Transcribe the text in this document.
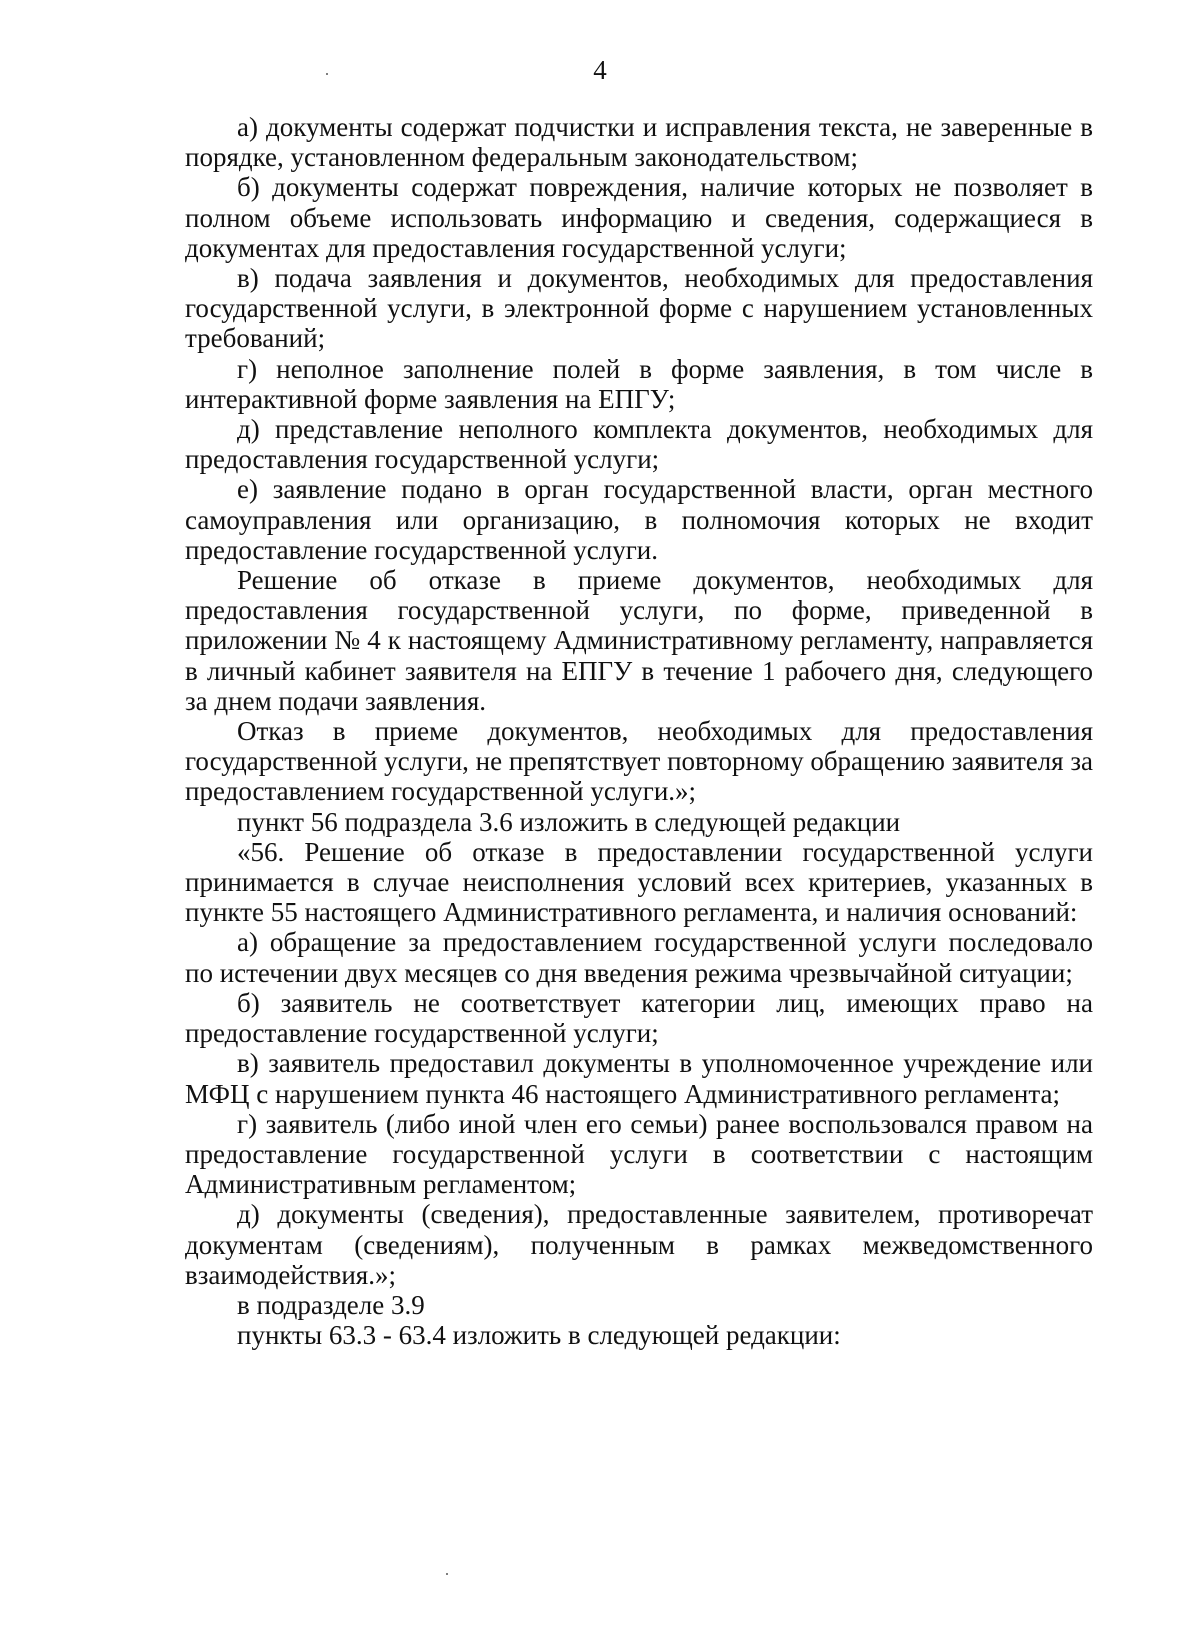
4

а) документы содержат подчистки и исправления текста, не заверенные в порядке, установленном федеральным законодательством;

б) документы содержат повреждения, наличие которых не позволяет в полном объеме использовать информацию и сведения, содержащиеся в документах для предоставления государственной услуги;

в) подача заявления и документов, необходимых для предоставления государственной услуги, в электронной форме с нарушением установленных требований;

г) неполное заполнение полей в форме заявления, в том числе в интерактивной форме заявления на ЕПГУ;

д) представление неполного комплекта документов, необходимых для предоставления государственной услуги;

е) заявление подано в орган государственной власти, орган местного самоуправления или организацию, в полномочия которых не входит предоставление государственной услуги.

Решение об отказе в приеме документов, необходимых для предоставления государственной услуги, по форме, приведенной в приложении № 4 к настоящему Административному регламенту, направляется в личный кабинет заявителя на ЕПГУ в течение 1 рабочего дня, следующего за днем подачи заявления.

Отказ в приеме документов, необходимых для предоставления государственной услуги, не препятствует повторному обращению заявителя за предоставлением государственной услуги.»;

пункт 56 подраздела 3.6 изложить в следующей редакции

«56. Решение об отказе в предоставлении государственной услуги принимается в случае неисполнения условий всех критериев, указанных в пункте 55 настоящего Административного регламента, и наличия оснований:

а) обращение за предоставлением государственной услуги последовало по истечении двух месяцев со дня введения режима чрезвычайной ситуации;

б) заявитель не соответствует категории лиц, имеющих право на предоставление государственной услуги;

в) заявитель предоставил документы в уполномоченное учреждение или МФЦ с нарушением пункта 46 настоящего Административного регламента;

г) заявитель (либо иной член его семьи) ранее воспользовался правом на предоставление государственной услуги в соответствии с настоящим Административным регламентом;

д) документы (сведения), предоставленные заявителем, противоречат документам (сведениям), полученным в рамках межведомственного взаимодействия.»;

в подразделе 3.9

пункты 63.3 - 63.4 изложить в следующей редакции:
